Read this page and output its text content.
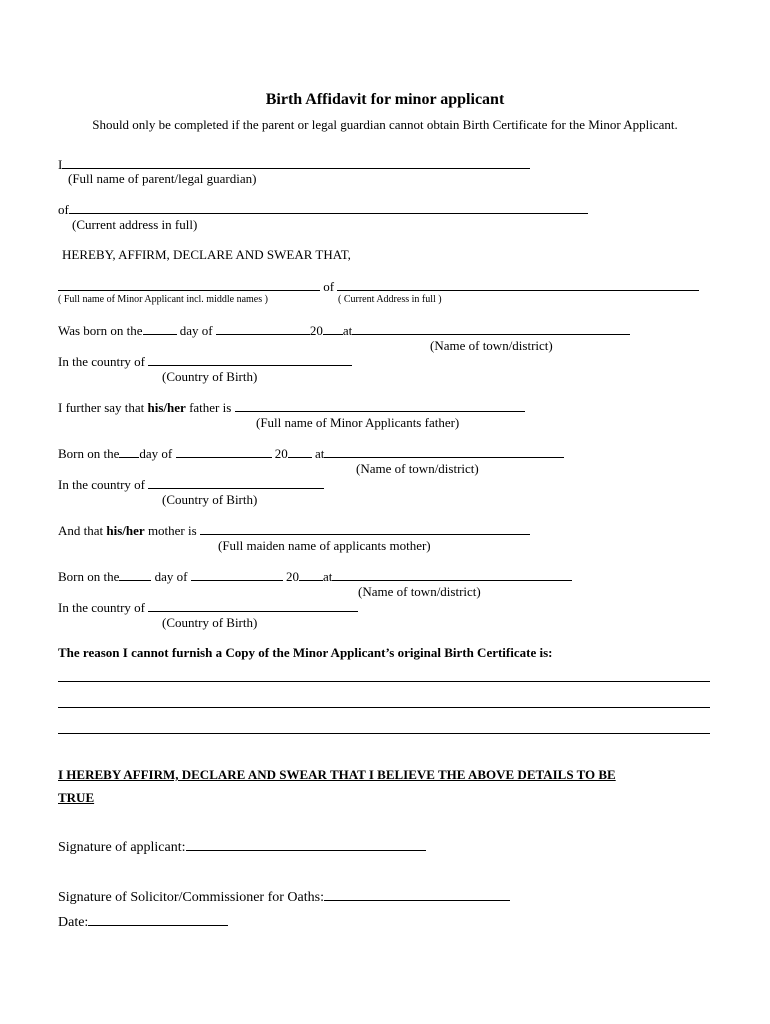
Birth Affidavit for minor applicant
Should only be completed if the parent or legal guardian cannot obtain Birth Certificate for the Minor Applicant.
I
(Full name of parent/legal guardian)
of
(Current address in full)
HEREBY, AFFIRM, DECLARE AND SWEAR THAT,
of
( Full name of Minor Applicant incl. middle names )	( Current Address in full )
Was born on the	day of	20 at
(Name of town/district)
In the country of
(Country of Birth)
I further say that his/her father is
(Full name of Minor Applicants father)
Born on the day of	20 at
(Name of town/district)
In the country of
(Country of Birth)
And that his/her mother is
(Full maiden name of applicants mother)
Born on the	day of	20 at
(Name of town/district)
In the country of
(Country of Birth)
The reason I cannot furnish a Copy of the Minor Applicant’s original Birth Certificate is:
I HEREBY AFFIRM, DECLARE AND SWEAR THAT I BELIEVE THE ABOVE DETAILS TO BE
TRUE
Signature of applicant:
Signature of Solicitor/Commissioner for Oaths:
Date:
